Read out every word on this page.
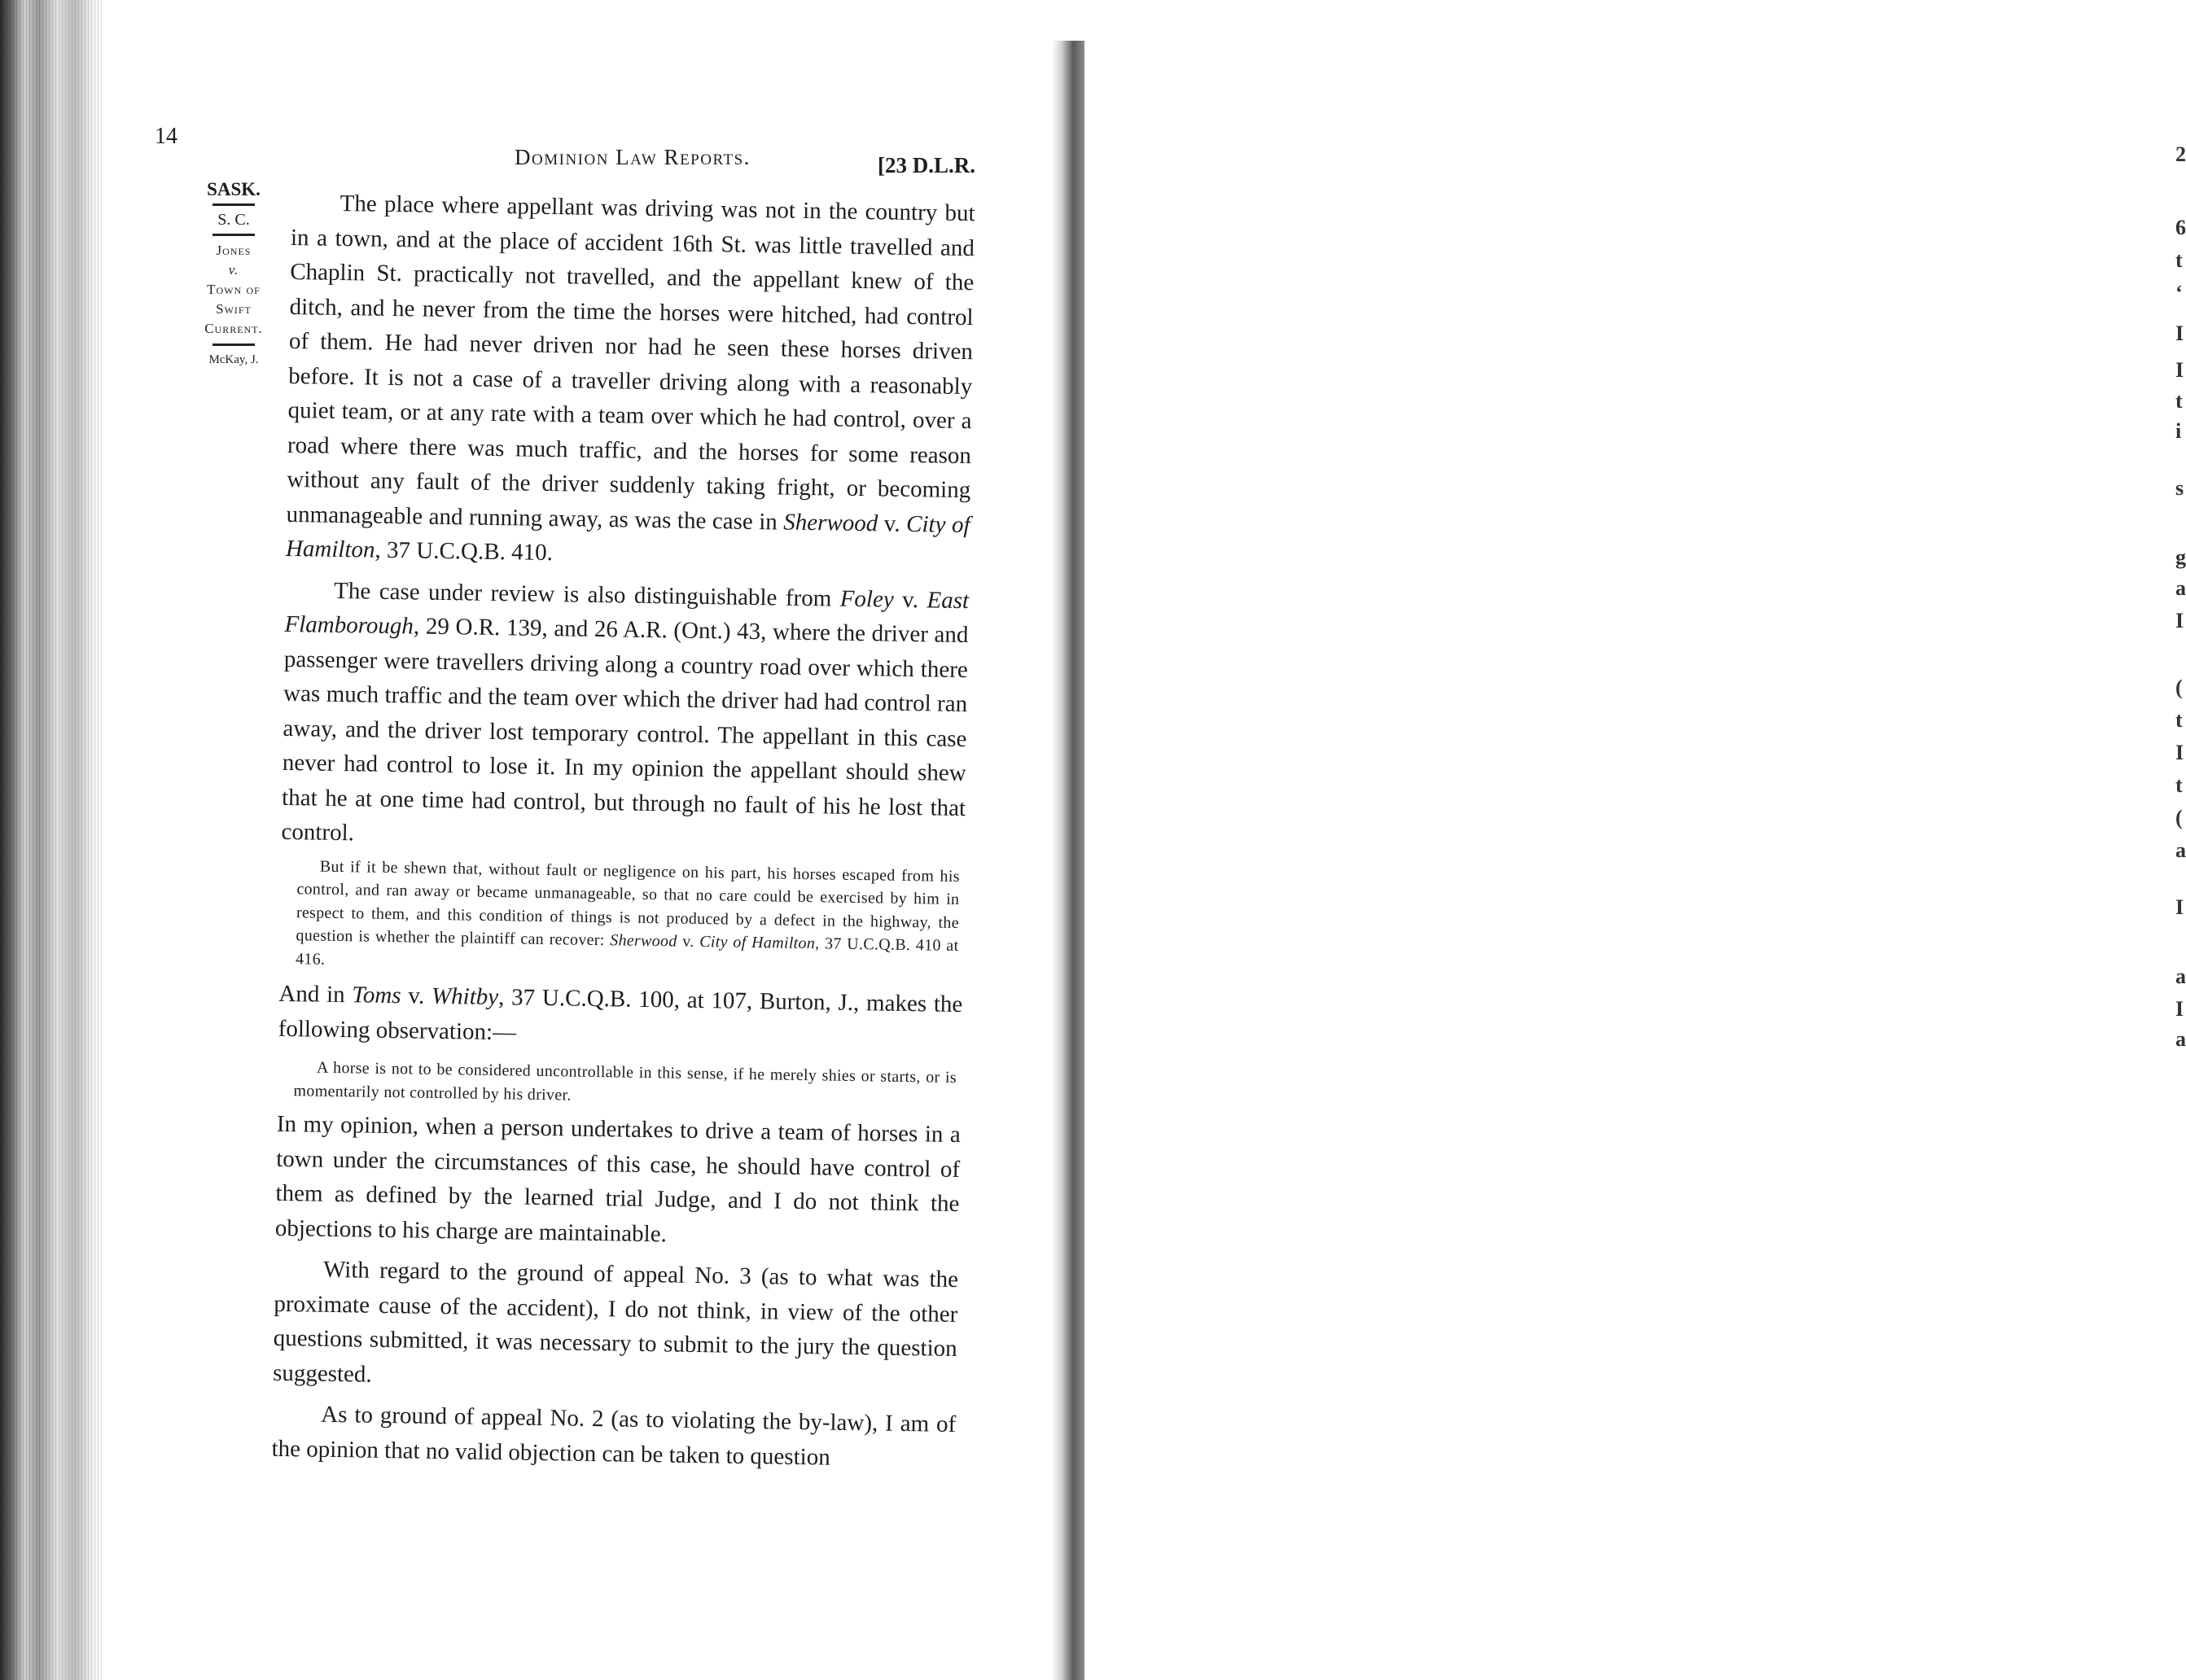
2
6
t
‘
I
I
t
i
s
g
a
I
(
t
I
t
(
a
I
a
I
a
14
Dominion Law Reports.	[23 D.L.R.
SASK.
S. C.
Jones
v.
Town of
Swift
Current.
McKay, J.

The place where appellant was driving was not in the country but in a town, and at the place of accident 16th St. was little travelled and Chaplin St. practically not travelled, and the appellant knew of the ditch, and he never from the time the horses were hitched, had control of them. He had never driven nor had he seen these horses driven before. It is not a case of a traveller driving along with a reasonably quiet team, or at any rate with a team over which he had control, over a road where there was much traffic, and the horses for some reason without any fault of the driver suddenly taking fright, or becoming unmanageable and running away, as was the case in Sherwood v. City of Hamilton, 37 U.C.Q.B. 410.

The case under review is also distinguishable from Foley v. East Flamborough, 29 O.R. 139, and 26 A.R. (Ont.) 43, where the driver and passenger were travellers driving along a country road over which there was much traffic and the team over which the driver had had control ran away, and the driver lost temporary control. The appellant in this case never had control to lose it. In my opinion the appellant should shew that he at one time had control, but through no fault of his he lost that control.

But if it be shewn that, without fault or negligence on his part, his horses escaped from his control, and ran away or became unmanageable, so that no care could be exercised by him in respect to them, and this condition of things is not produced by a defect in the highway, the question is whether the plaintiff can recover: Sherwood v. City of Hamilton, 37 U.C.Q.B. 410 at 416.

And in Toms v. Whitby, 37 U.C.Q.B. 100, at 107, Burton, J., makes the following observation:—

A horse is not to be considered uncontrollable in this sense, if he merely shies or starts, or is momentarily not controlled by his driver.

In my opinion, when a person undertakes to drive a team of horses in a town under the circumstances of this case, he should have control of them as defined by the learned trial Judge, and I do not think the objections to his charge are maintainable.

With regard to the ground of appeal No. 3 (as to what was the proximate cause of the accident), I do not think, in view of the other questions submitted, it was necessary to submit to the jury the question suggested.

As to ground of appeal No. 2 (as to violating the by-law), I am of the opinion that no valid objection can be taken to question
